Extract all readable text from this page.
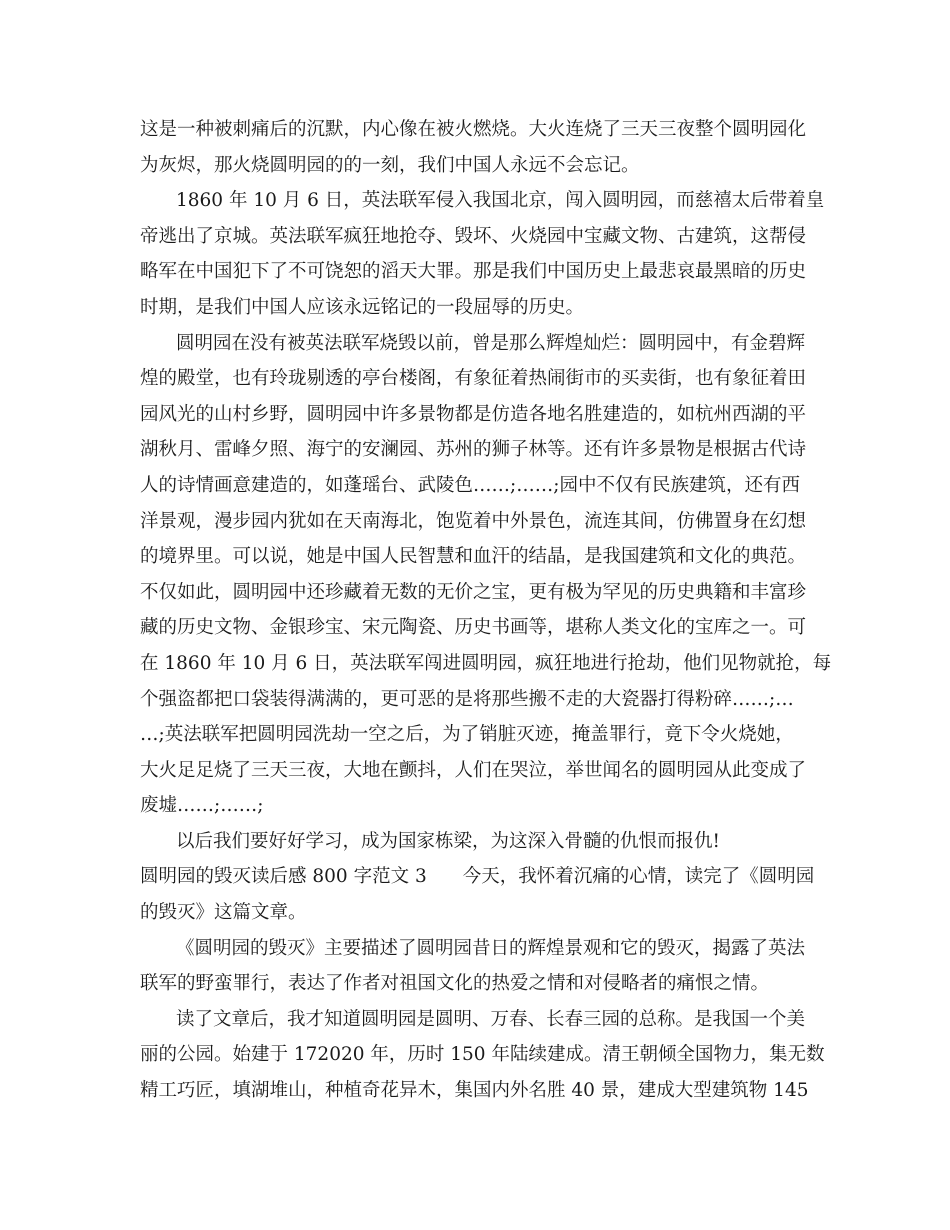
这是一种被刺痛后的沉默，内心像在被火燃烧。大火连烧了三天三夜整个圆明园化
为灰烬，那火烧圆明园的的一刻，我们中国人永远不会忘记。
1860 年 10 月 6 日，英法联军侵入我国北京，闯入圆明园，而慈禧太后带着皇
帝逃出了京城。英法联军疯狂地抢夺、毁坏、火烧园中宝藏文物、古建筑，这帮侵
略军在中国犯下了不可饶恕的滔天大罪。那是我们中国历史上最悲哀最黑暗的历史
时期，是我们中国人应该永远铭记的一段屈辱的历史。
圆明园在没有被英法联军烧毁以前，曾是那么辉煌灿烂：圆明园中，有金碧辉
煌的殿堂，也有玲珑剔透的亭台楼阁，有象征着热闹街市的买卖街，也有象征着田
园风光的山村乡野，圆明园中许多景物都是仿造各地名胜建造的，如杭州西湖的平
湖秋月、雷峰夕照、海宁的安澜园、苏州的狮子林等。还有许多景物是根据古代诗
人的诗情画意建造的，如蓬瑶台、武陵色……;……;园中不仅有民族建筑，还有西
洋景观，漫步园内犹如在天南海北，饱览着中外景色，流连其间，仿佛置身在幻想
的境界里。可以说，她是中国人民智慧和血汗的结晶，是我国建筑和文化的典范。
不仅如此，圆明园中还珍藏着无数的无价之宝，更有极为罕见的历史典籍和丰富珍
藏的历史文物、金银珍宝、宋元陶瓷、历史书画等，堪称人类文化的宝库之一。可
在 1860 年 10 月 6 日，英法联军闯进圆明园，疯狂地进行抢劫，他们见物就抢，每
个强盗都把口袋装得满满的，更可恶的是将那些搬不走的大瓷器打得粉碎……;…
…;英法联军把圆明园洗劫一空之后，为了销脏灭迹，掩盖罪行，竟下令火烧她，
大火足足烧了三天三夜，大地在颤抖，人们在哭泣，举世闻名的圆明园从此变成了
废墟……;……;
以后我们要好好学习，成为国家栋梁，为这深入骨髓的仇恨而报仇!
圆明园的毁灭读后感 800 字范文 3 今天，我怀着沉痛的心情，读完了《圆明园
的毁灭》这篇文章。
《圆明园的毁灭》主要描述了圆明园昔日的辉煌景观和它的毁灭，揭露了英法
联军的野蛮罪行，表达了作者对祖国文化的热爱之情和对侵略者的痛恨之情。
读了文章后，我才知道圆明园是圆明、万春、长春三园的总称。是我国一个美
丽的公园。始建于 172020 年，历时 150 年陆续建成。清王朝倾全国物力，集无数
精工巧匠，填湖堆山，种植奇花异木，集国内外名胜 40 景，建成大型建筑物 145
